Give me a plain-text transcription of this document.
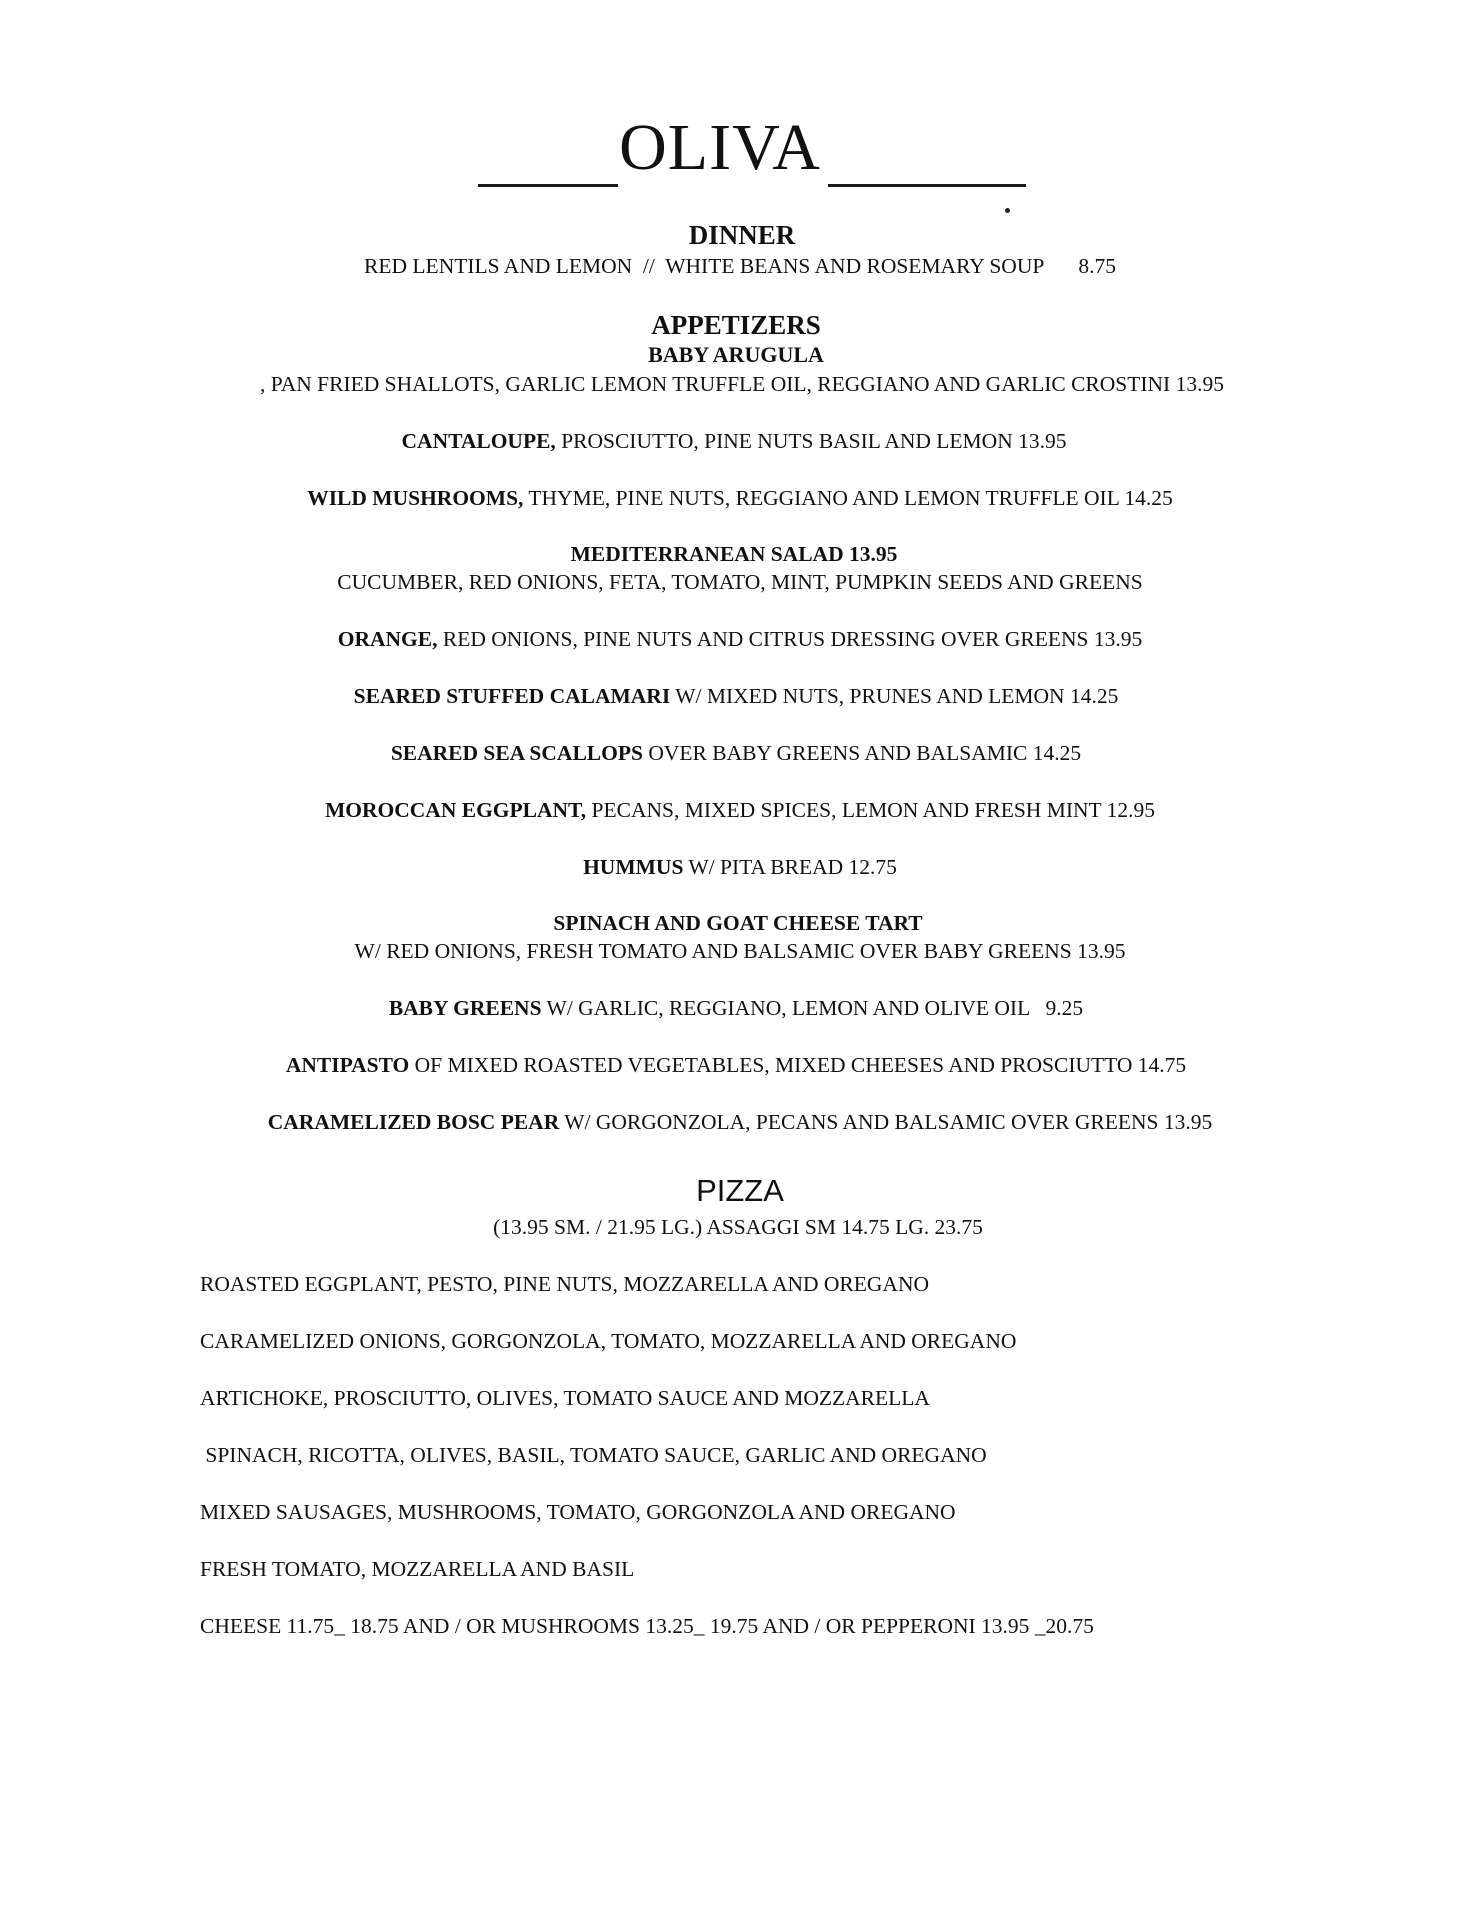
OLIVA
DINNER
RED LENTILS AND LEMON  //  WHITE BEANS AND ROSEMARY SOUP 8.75
APPETIZERS
BABY ARUGULA
, PAN FRIED SHALLOTS, GARLIC LEMON TRUFFLE OIL, REGGIANO AND GARLIC CROSTINI 13.95
CANTALOUPE, PROSCIUTTO, PINE NUTS BASIL AND LEMON 13.95
WILD MUSHROOMS, THYME, PINE NUTS, REGGIANO AND LEMON TRUFFLE OIL 14.25
MEDITERRANEAN SALAD 13.95
CUCUMBER, RED ONIONS, FETA, TOMATO, MINT, PUMPKIN SEEDS AND GREENS
ORANGE, RED ONIONS, PINE NUTS AND CITRUS DRESSING OVER GREENS 13.95
SEARED STUFFED CALAMARI W/ MIXED NUTS, PRUNES AND LEMON 14.25
SEARED SEA SCALLOPS OVER BABY GREENS AND BALSAMIC 14.25
MOROCCAN EGGPLANT, PECANS, MIXED SPICES, LEMON AND FRESH MINT 12.95
HUMMUS W/ PITA BREAD 12.75
SPINACH AND GOAT CHEESE TART
W/ RED ONIONS, FRESH TOMATO AND BALSAMIC OVER BABY GREENS 13.95
BABY GREENS W/ GARLIC, REGGIANO, LEMON AND OLIVE OIL   9.25
ANTIPASTO OF MIXED ROASTED VEGETABLES, MIXED CHEESES AND PROSCIUTTO 14.75
CARAMELIZED BOSC PEAR W/ GORGONZOLA, PECANS AND BALSAMIC OVER GREENS 13.95
PIZZA
(13.95 SM. / 21.95 LG.) ASSAGGI SM 14.75 LG. 23.75
ROASTED EGGPLANT, PESTO, PINE NUTS, MOZZARELLA AND OREGANO
CARAMELIZED ONIONS, GORGONZOLA, TOMATO, MOZZARELLA AND OREGANO
ARTICHOKE, PROSCIUTTO, OLIVES, TOMATO SAUCE AND MOZZARELLA
SPINACH, RICOTTA, OLIVES, BASIL, TOMATO SAUCE, GARLIC AND OREGANO
MIXED SAUSAGES, MUSHROOMS, TOMATO, GORGONZOLA AND OREGANO
FRESH TOMATO, MOZZARELLA AND BASIL
CHEESE 11.75_ 18.75 AND / OR MUSHROOMS 13.25_ 19.75 AND / OR PEPPERONI 13.95 _20.75
